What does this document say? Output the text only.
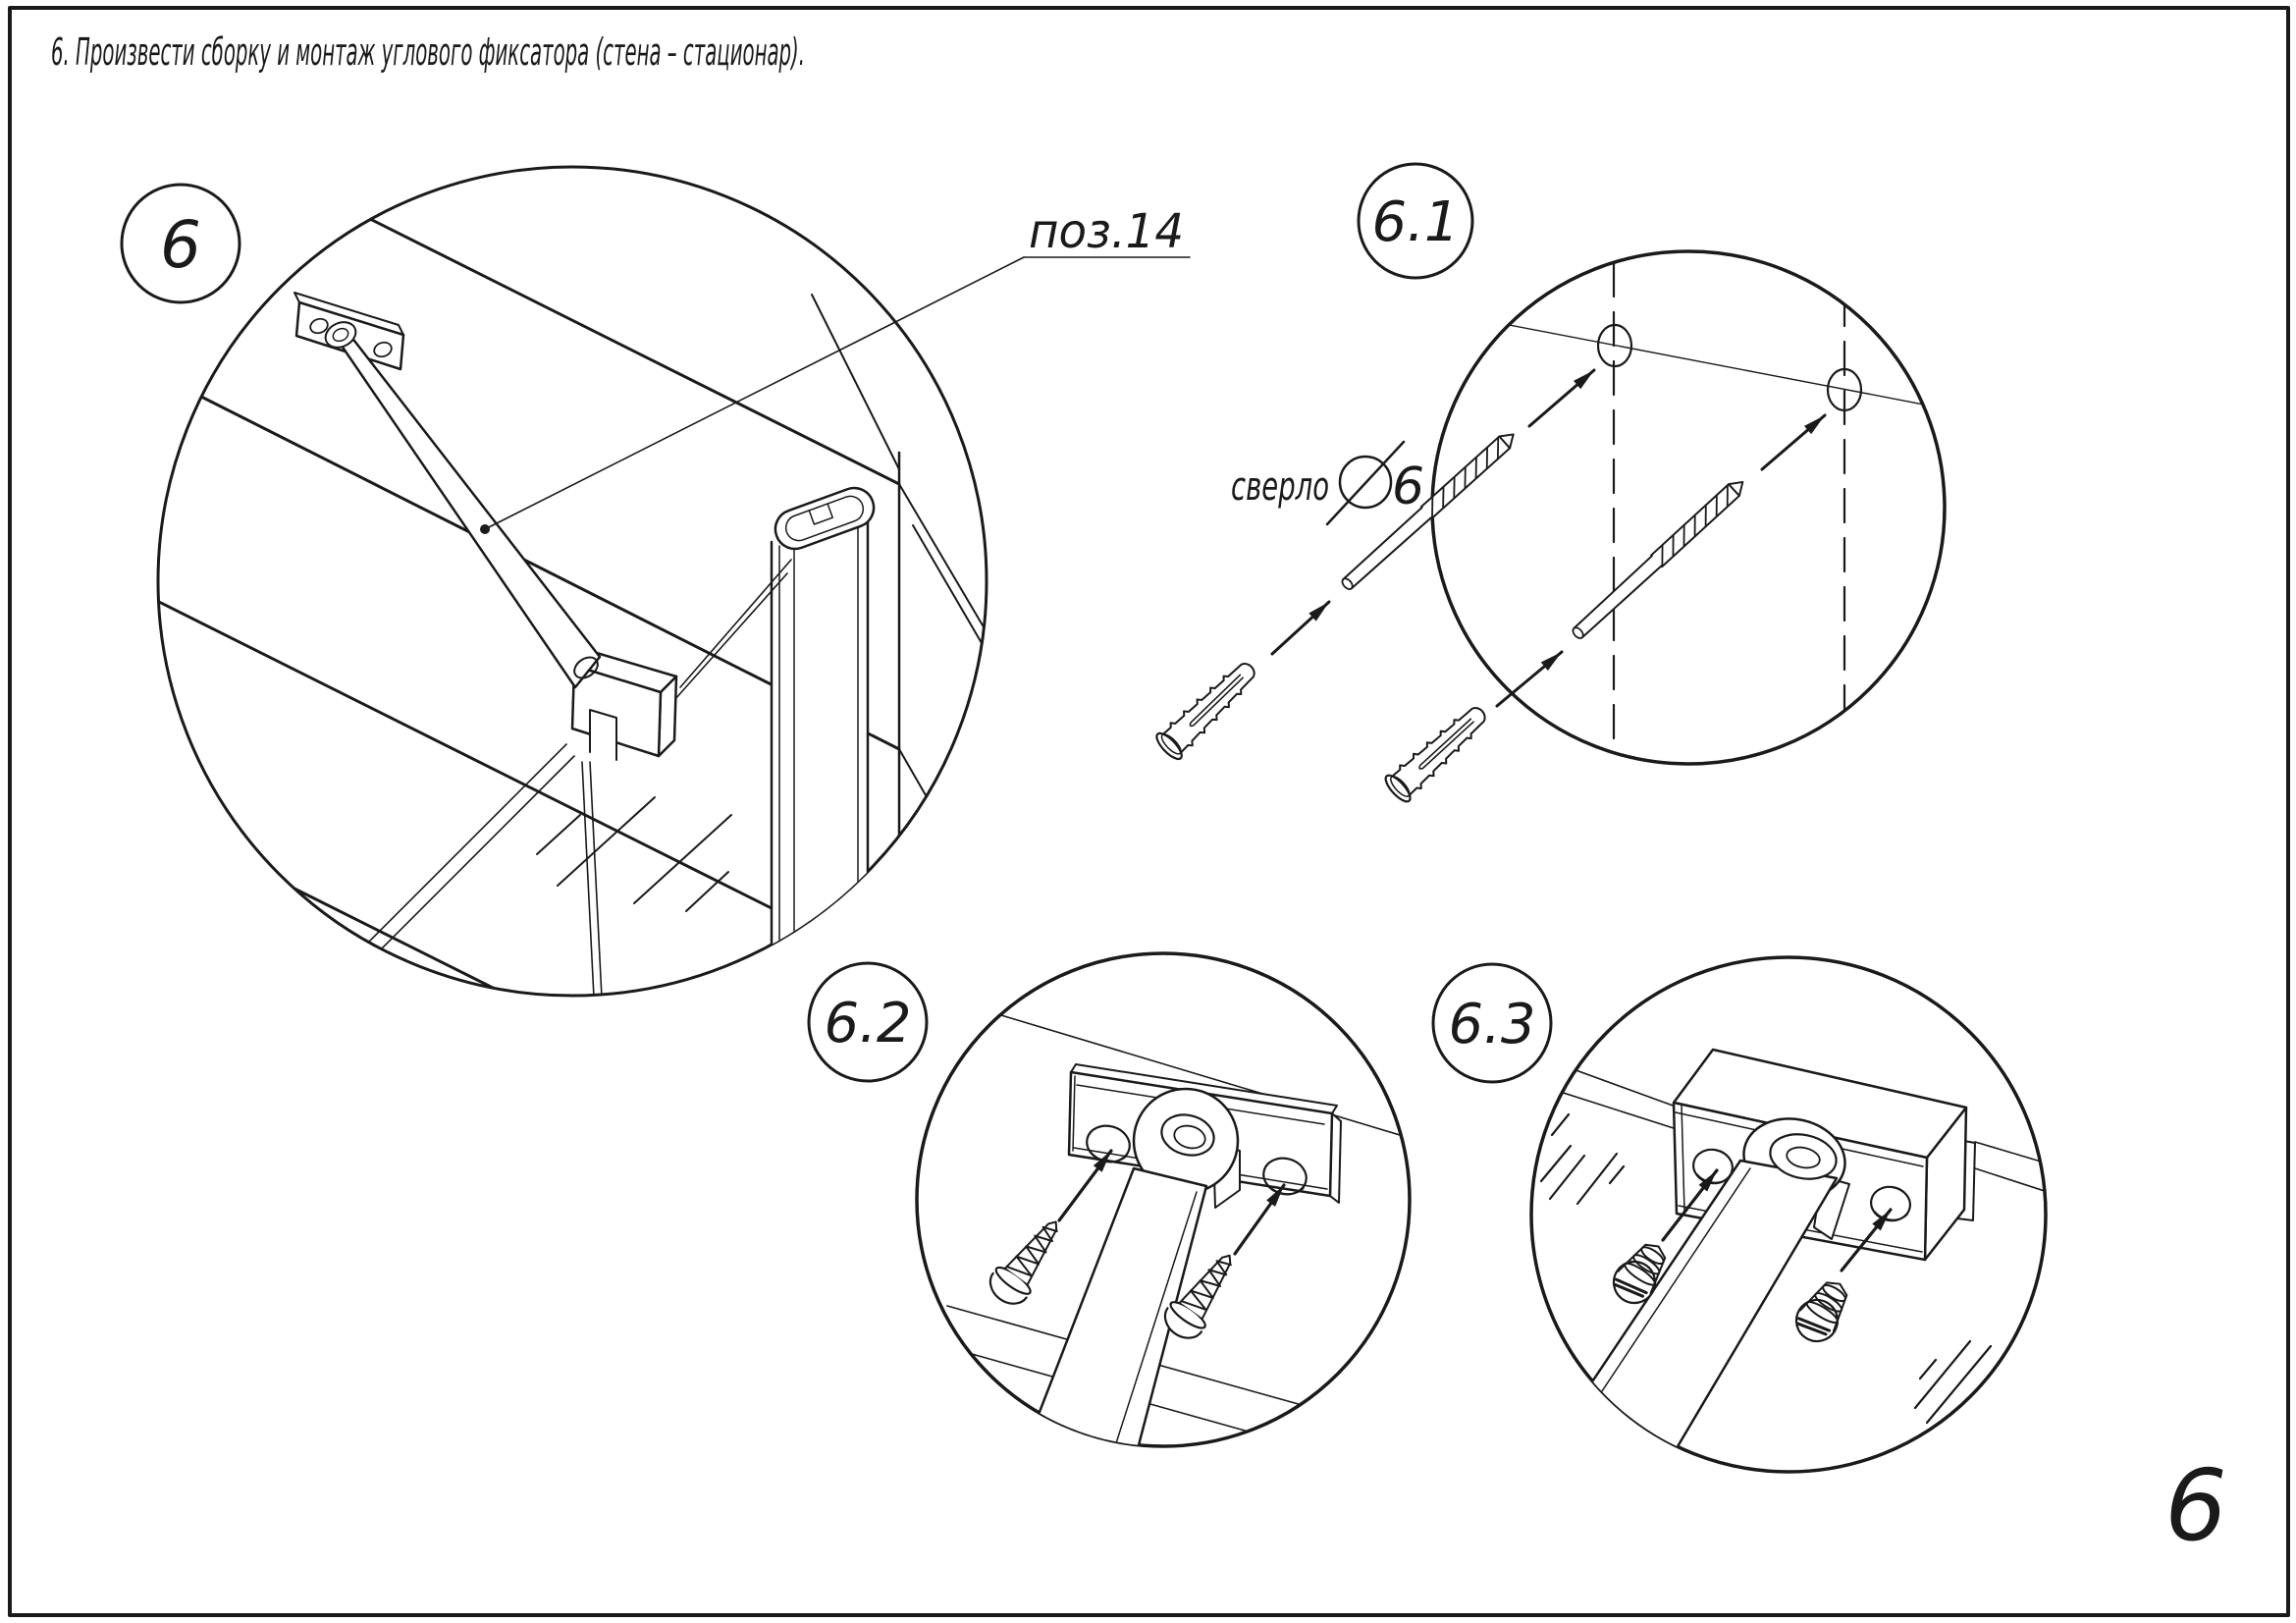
6. Произвести сборку и монтаж углового фиксатора (стена – стационар).
6	поз.14	6.1
сверло 6
6.2	6.3
6
